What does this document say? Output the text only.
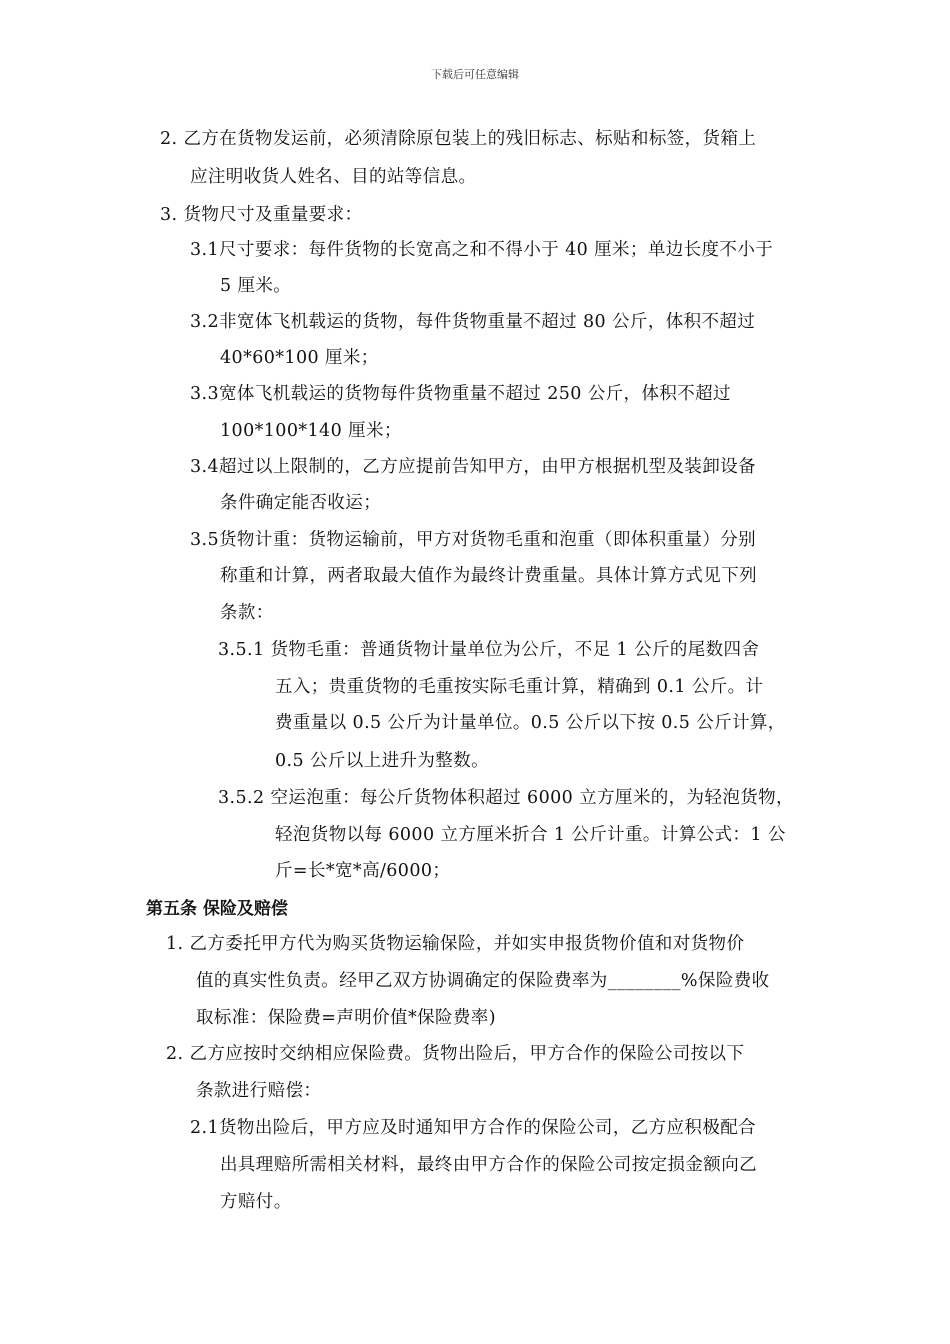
下载后可任意编辑
2. 乙方在货物发运前，必须清除原包装上的残旧标志、标贴和标签，货箱上
应注明收货人姓名、目的站等信息。
3. 货物尺寸及重量要求：
3.1尺寸要求：每件货物的长宽高之和不得小于 40 厘米；单边长度不小于
5 厘米。
3.2非宽体飞机载运的货物，每件货物重量不超过 80 公斤，体积不超过
40*60*100 厘米；
3.3宽体飞机载运的货物每件货物重量不超过 250 公斤，体积不超过
100*100*140 厘米；
3.4超过以上限制的，乙方应提前告知甲方，由甲方根据机型及装卸设备
条件确定能否收运；
3.5货物计重：货物运输前，甲方对货物毛重和泡重（即体积重量）分别
称重和计算，两者取最大值作为最终计费重量。具体计算方式见下列
条款：
3.5.1 货物毛重：普通货物计量单位为公斤，不足 1 公斤的尾数四舍
五入；贵重货物的毛重按实际毛重计算，精确到 0.1 公斤。计
费重量以 0.5 公斤为计量单位。0.5 公斤以下按 0.5 公斤计算，
0.5 公斤以上进升为整数。
3.5.2 空运泡重：每公斤货物体积超过 6000 立方厘米的，为轻泡货物，
轻泡货物以每 6000 立方厘米折合 1 公斤计重。计算公式：1 公
斤=长*宽*高/6000；
第五条 保险及赔偿
1. 乙方委托甲方代为购买货物运输保险，并如实申报货物价值和对货物价
值的真实性负责。经甲乙双方协调确定的保险费率为________%保险费收
取标准：保险费=声明价值*保险费率)
2. 乙方应按时交纳相应保险费。货物出险后，甲方合作的保险公司按以下
条款进行赔偿：
2.1货物出险后，甲方应及时通知甲方合作的保险公司，乙方应积极配合
出具理赔所需相关材料，最终由甲方合作的保险公司按定损金额向乙
方赔付。
